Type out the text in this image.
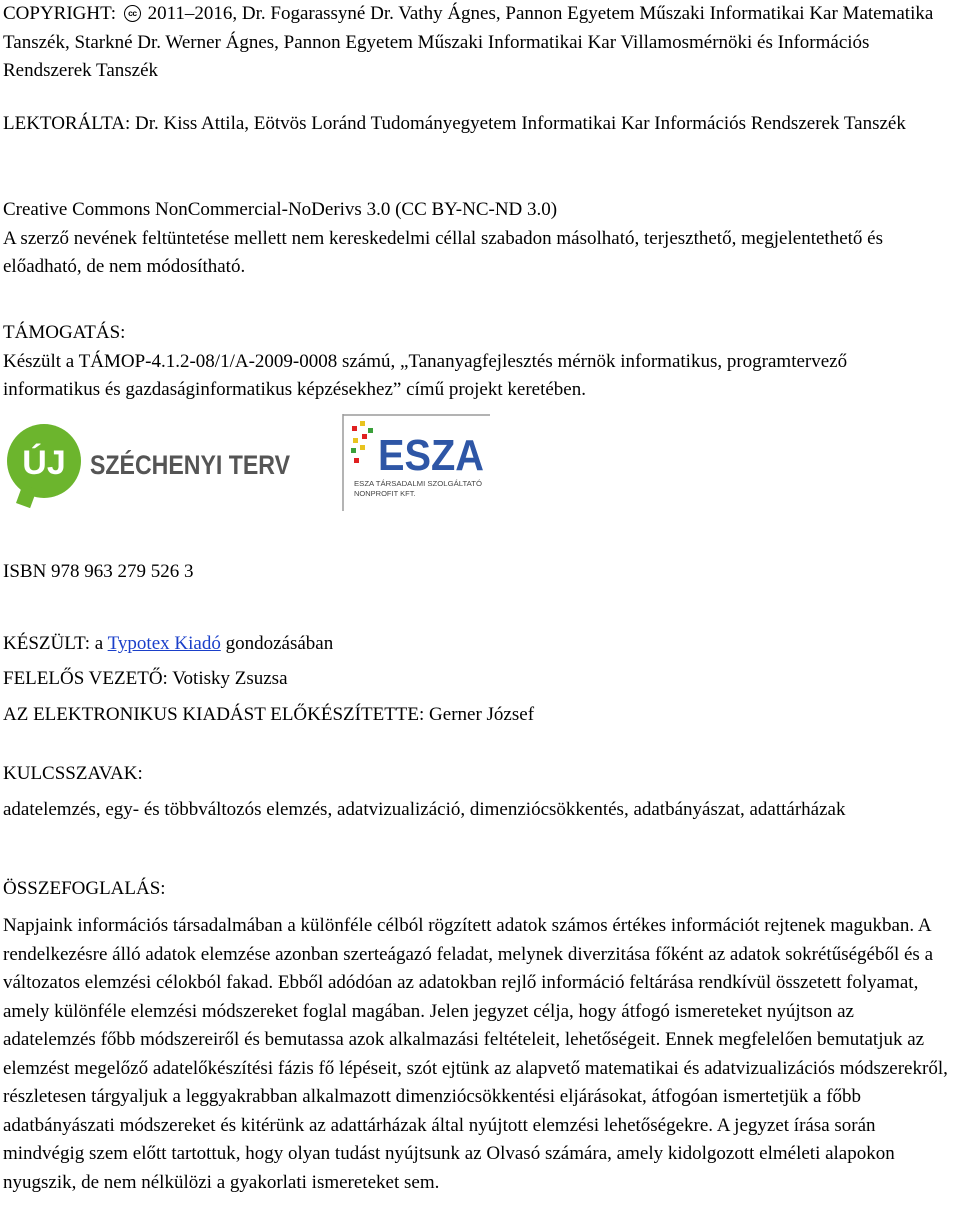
COPYRIGHT: cc 2011–2016, Dr. Fogarassyné Dr. Vathy Ágnes, Pannon Egyetem Műszaki Informatikai Kar Matematika Tanszék, Starkné Dr. Werner Ágnes, Pannon Egyetem Műszaki Informatikai Kar Villamosmérnöki és Információs Rendszerek Tanszék

LEKTORÁLTA: Dr. Kiss Attila, Eötvös Loránd Tudományegyetem Informatikai Kar Információs Rendszerek Tanszék

Creative Commons NonCommercial-NoDerivs 3.0 (CC BY-NC-ND 3.0)
A szerző nevének feltüntetése mellett nem kereskedelmi céllal szabadon másolható, terjeszthető, megjelentethető és előadható, de nem módosítható.

TÁMOGATÁS:
Készült a TÁMOP-4.1.2-08/1/A-2009-0008 számú, „Tananyagfejlesztés mérnök informatikus, programtervező informatikus és gazdaságinformatikus képzésekhez” című projekt keretében.

ÚJ SZÉCHENYI TERV ESZA
ESZA TÁRSADALMI SZOLGÁLTATÓ
NONPROFIT KFT.

ISBN 978 963 279 526 3

KÉSZÜLT: a Typotex Kiadó gondozásában

FELELŐS VEZETŐ: Votisky Zsuzsa

AZ ELEKTRONIKUS KIADÁST ELŐKÉSZÍTETTE: Gerner József

KULCSSZAVAK:

adatelemzés, egy- és többváltozós elemzés, adatvizualizáció, dimenziócsökkentés, adatbányászat, adattárházak

ÖSSZEFOGLALÁS:

Napjaink információs társadalmában a különféle célból rögzített adatok számos értékes információt rejtenek magukban. A rendelkezésre álló adatok elemzése azonban szerteágazó feladat, melynek diverzitása főként az adatok sokrétűségéből és a változatos elemzési célokból fakad. Ebből adódóan az adatokban rejlő információ feltárása rendkívül összetett folyamat, amely különféle elemzési módszereket foglal magában. Jelen jegyzet célja, hogy átfogó ismereteket nyújtson az adatelemzés főbb módszereiről és bemutassa azok alkalmazási feltételeit, lehetőségeit. Ennek megfelelően bemutatjuk az elemzést megelőző adatelőkészítési fázis fő lépéseit, szót ejtünk az alapvető matematikai és adatvizualizációs módszerekről, részletesen tárgyaljuk a leggyakrabban alkalmazott dimenziócsökkentési eljárásokat, átfogóan ismertetjük a főbb adatbányászati módszereket és kitérünk az adattárházak által nyújtott elemzési lehetőségekre. A jegyzet írása során mindvégig szem előtt tartottuk, hogy olyan tudást nyújtsunk az Olvasó számára, amely kidolgozott elméleti alapokon nyugszik, de nem nélkülözi a gyakorlati ismereteket sem.
